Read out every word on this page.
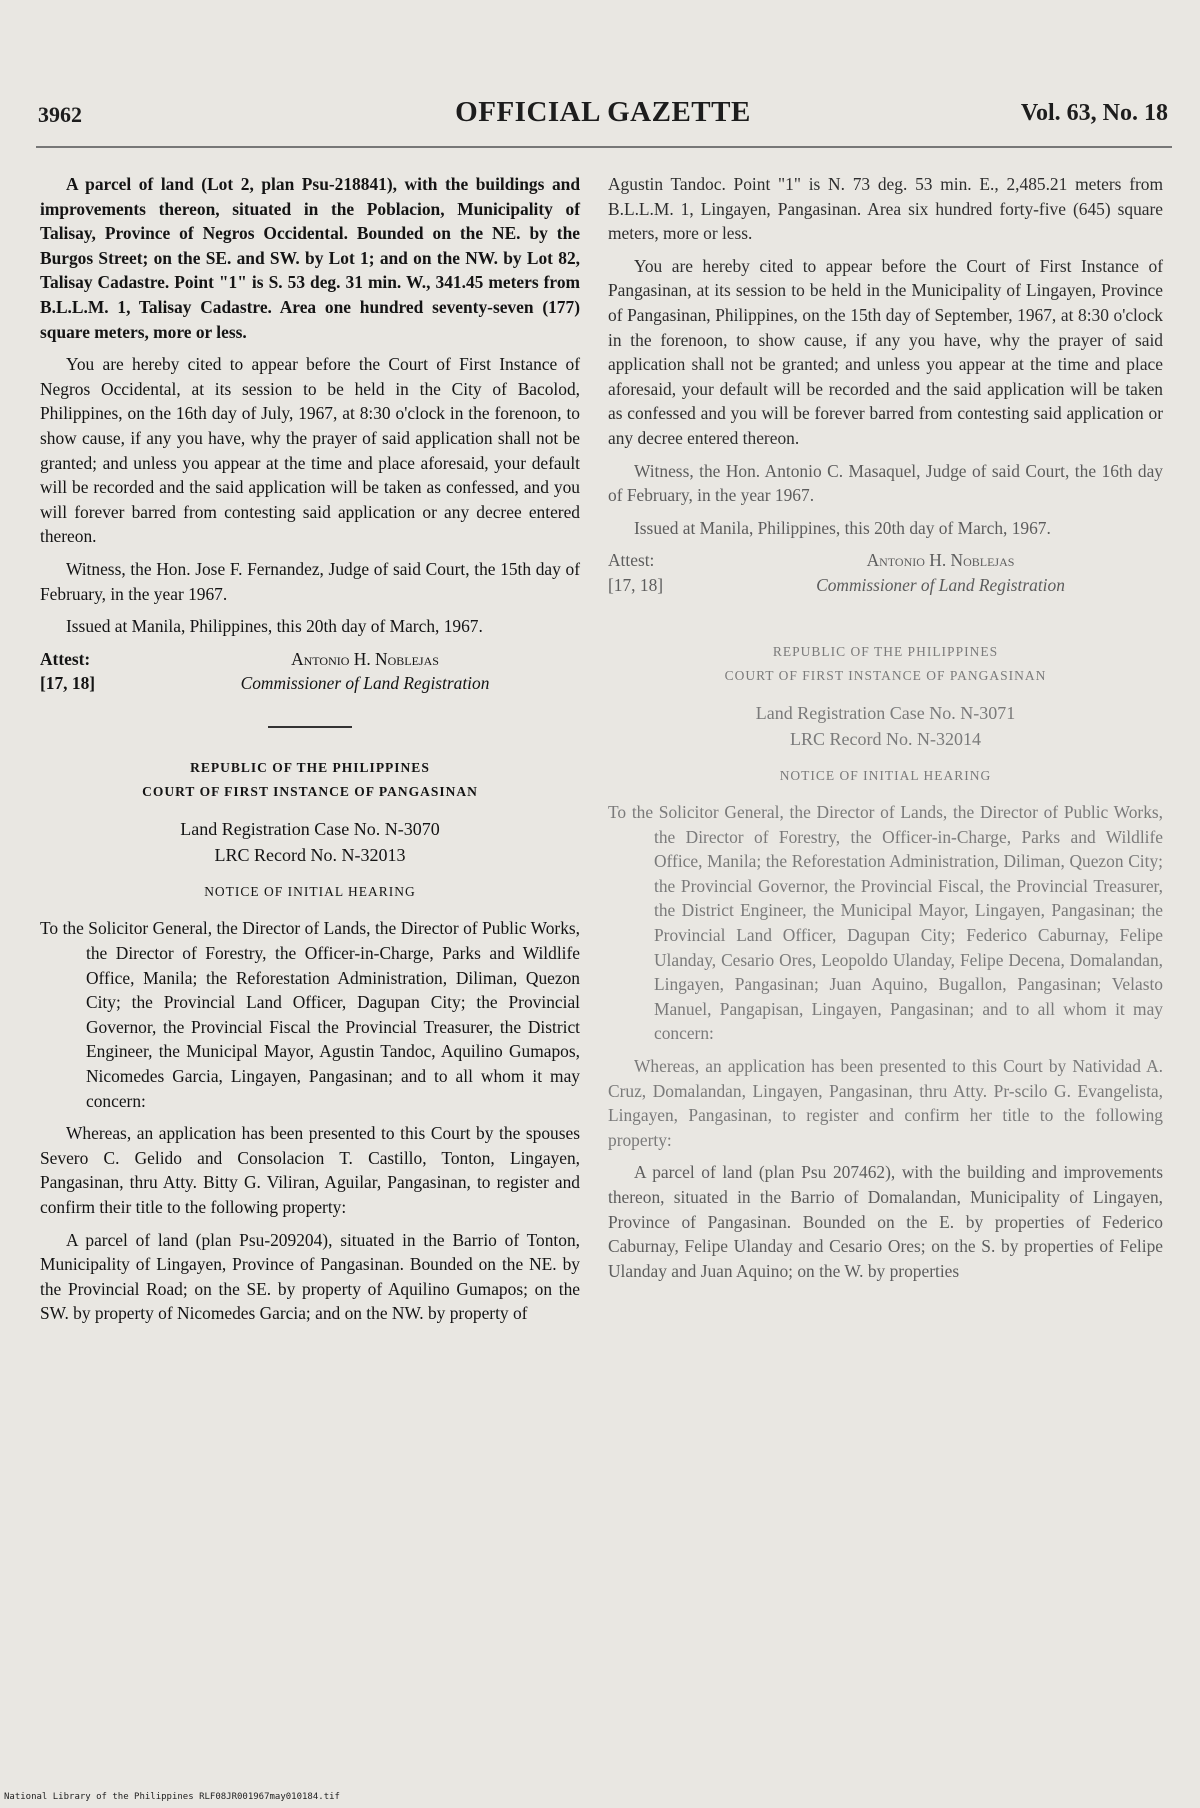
3962	OFFICIAL GAZETTE	Vol. 63, No. 18

A parcel of land (Lot 2, plan Psu-218841), with the buildings and improvements thereon, situated in the Poblacion, Municipality of Talisay, Province of Negros Occidental. Bounded on the NE. by the Burgos Street; on the SE. and SW. by Lot 1; and on the NW. by Lot 82, Talisay Cadastre. Point "1" is S. 53 deg. 31 min. W., 341.45 meters from B.L.L.M. 1, Talisay Cadastre. Area one hundred seventy-seven (177) square meters, more or less.

You are hereby cited to appear before the Court of First Instance of Negros Occidental, at its session to be held in the City of Bacolod, Philippines, on the 16th day of July, 1967, at 8:30 o'clock in the forenoon, to show cause, if any you have, why the prayer of said application shall not be granted; and unless you appear at the time and place aforesaid, your default will be recorded and the said application will be taken as confessed, and you will forever barred from contesting said application or any decree entered thereon.

Witness, the Hon. Jose F. Fernandez, Judge of said Court, the 15th day of February, in the year 1967.

Issued at Manila, Philippines, this 20th day of March, 1967.

Attest:
[17, 18]
Antonio H. Noblejas
Commissioner of Land Registration
REPUBLIC OF THE PHILIPPINES
COURT OF FIRST INSTANCE OF PANGASINAN
Land Registration Case No. N-3070
LRC Record No. N-32013
NOTICE OF INITIAL HEARING

To the Solicitor General, the Director of Lands, the Director of Public Works, the Director of Forestry, the Officer-in-Charge, Parks and Wildlife Office, Manila; the Reforestation Administration, Diliman, Quezon City; the Provincial Land Officer, Dagupan City; the Provincial Governor, the Provincial Fiscal the Provincial Treasurer, the District Engineer, the Municipal Mayor, Agustin Tandoc, Aquilino Gumapos, Nicomedes Garcia, Lingayen, Pangasinan; and to all whom it may concern:

Whereas, an application has been presented to this Court by the spouses Severo C. Gelido and Consolacion T. Castillo, Tonton, Lingayen, Pangasinan, thru Atty. Bitty G. Viliran, Aguilar, Pangasinan, to register and confirm their title to the following property:

A parcel of land (plan Psu-209204), situated in the Barrio of Tonton, Municipality of Lingayen, Province of Pangasinan. Bounded on the NE. by the Provincial Road; on the SE. by property of Aquilino Gumapos; on the SW. by property of Nicomedes Garcia; and on the NW. by property of

Agustin Tandoc. Point "1" is N. 73 deg. 53 min. E., 2,485.21 meters from B.L.L.M. 1, Lingayen, Pangasinan. Area six hundred forty-five (645) square meters, more or less.

You are hereby cited to appear before the Court of First Instance of Pangasinan, at its session to be held in the Municipality of Lingayen, Province of Pangasinan, Philippines, on the 15th day of September, 1967, at 8:30 o'clock in the forenoon, to show cause, if any you have, why the prayer of said application shall not be granted; and unless you appear at the time and place aforesaid, your default will be recorded and the said application will be taken as confessed and you will be forever barred from contesting said application or any decree entered thereon.

Witness, the Hon. Antonio C. Masaquel, Judge of said Court, the 16th day of February, in the year 1967.

Issued at Manila, Philippines, this 20th day of March, 1967.

Attest:
[17, 18]
Antonio H. Noblejas
Commissioner of Land Registration
REPUBLIC OF THE PHILIPPINES
COURT OF FIRST INSTANCE OF PANGASINAN
Land Registration Case No. N-3071
LRC Record No. N-32014
NOTICE OF INITIAL HEARING

To the Solicitor General, the Director of Lands, the Director of Public Works, the Director of Forestry, the Officer-in-Charge, Parks and Wildlife Office, Manila; the Reforestation Administration, Diliman, Quezon City; the Provincial Governor, the Provincial Fiscal, the Provincial Treasurer, the District Engineer, the Municipal Mayor, Lingayen, Pangasinan; the Provincial Land Officer, Dagupan City; Federico Caburnay, Felipe Ulanday, Cesario Ores, Leopoldo Ulanday, Felipe Decena, Domalandan, Lingayen, Pangasinan; Juan Aquino, Bugallon, Pangasinan; Velasto Manuel, Pangapisan, Lingayen, Pangasinan; and to all whom it may concern:

Whereas, an application has been presented to this Court by Natividad A. Cruz, Domalandan, Lingayen, Pangasinan, thru Atty. Pr-scilo G. Evangelista, Lingayen, Pangasinan, to register and confirm her title to the following property:

A parcel of land (plan Psu 207462), with the building and improvements thereon, situated in the Barrio of Domalandan, Municipality of Lingayen, Province of Pangasinan. Bounded on the E. by properties of Federico Caburnay, Felipe Ulanday and Cesario Ores; on the S. by properties of Felipe Ulanday and Juan Aquino; on the W. by properties

National Library of the Philippines RLF08JR001967may010184.tif
